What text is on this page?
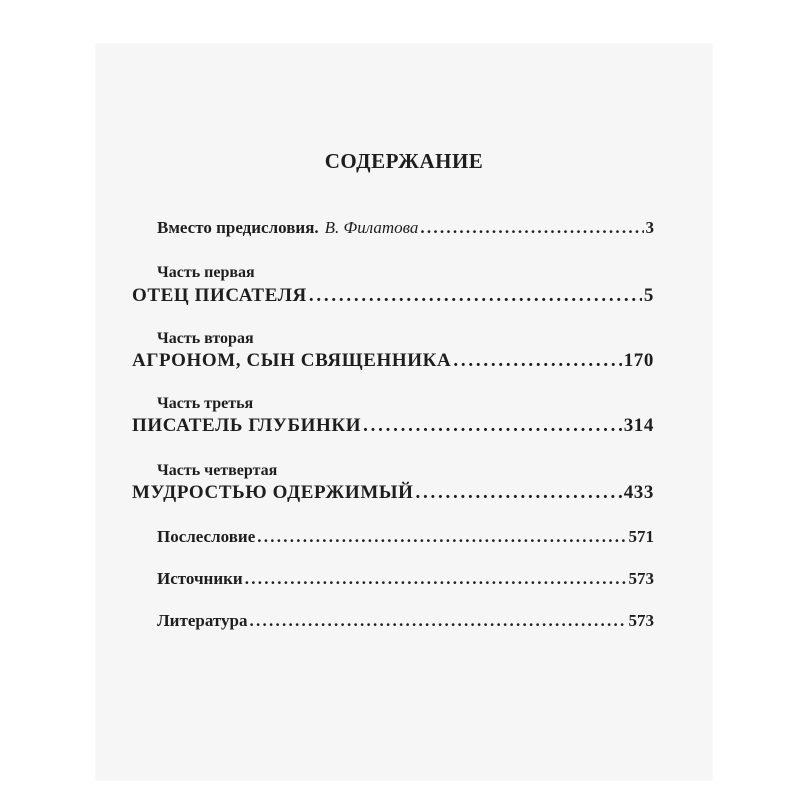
СОДЕРЖАНИЕ
Вместо предисловия. В. Филатова . . .	3
Часть первая
ОТЕЦ ПИСАТЕЛЯ . . .	5
Часть вторая
АГРОНОМ, СЫН СВЯЩЕННИКА . . .	170
Часть третья
ПИСАТЕЛЬ ГЛУБИНКИ . . .	314
Часть четвертая
МУДРОСТЬЮ ОДЕРЖИМЫЙ . . .	433
Послесловие . . .	571
Источники . . .	573
Литература . . .	573
